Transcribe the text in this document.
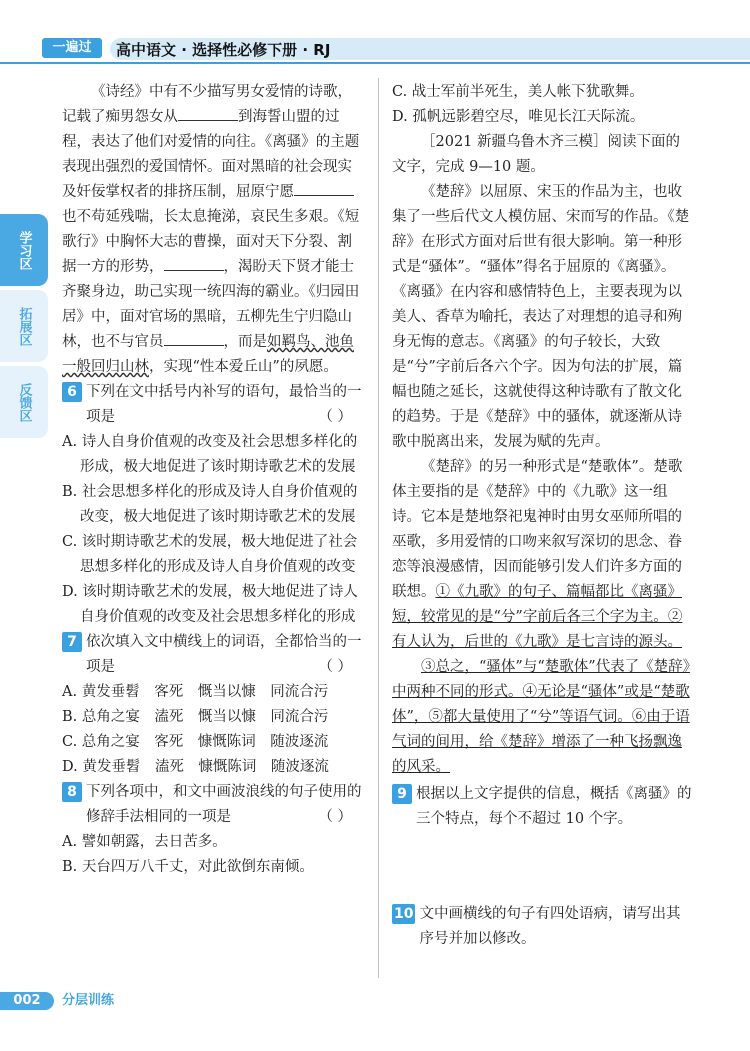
一遍过	高中语文 · 选择性必修下册 · RJ
学习区
拓展区
反馈区

《诗经》中有不少描写男女爱情的诗歌，记载了痴男怨女从	到海誓山盟的过程，表达了他们对爱情的向往。《离骚》的主题表现出强烈的爱国情怀。面对黑暗的社会现实及奸佞掌权者的排挤压制，屈原宁愿也不苟延残喘，长太息掩涕，哀民生多艰。《短歌行》中胸怀大志的曹操，面对天下分裂、割据一方的形势，	，渴盼天下贤才能士齐聚身边，助己实现一统四海的霸业。《归园田居》中，面对官场的黑暗，五柳先生宁归隐山林，也不与官员	，而是如羁鸟、池鱼一般回归山林，实现“性本爱丘山”的夙愿。

6 下列在文中括号内补写的语句，最恰当的一项是	（ ）
A. 诗人自身价值观的改变及社会思想多样化的形成，极大地促进了该时期诗歌艺术的发展
B. 社会思想多样化的形成及诗人自身价值观的改变，极大地促进了该时期诗歌艺术的发展
C. 该时期诗歌艺术的发展，极大地促进了社会思想多样化的形成及诗人自身价值观的改变
D. 该时期诗歌艺术的发展，极大地促进了诗人自身价值观的改变及社会思想多样化的形成
7 依次填入文中横线上的词语，全都恰当的一项是	（ ）
A. 黄发垂髫　客死　慨当以慷　同流合污
B. 总角之宴　溘死　慨当以慷　同流合污
C. 总角之宴　客死　慷慨陈词　随波逐流
D. 黄发垂髫　溘死　慷慨陈词　随波逐流
8 下列各项中，和文中画波浪线的句子使用的修辞手法相同的一项是	（ ）
A. 譬如朝露，去日苦多。
B. 天台四万八千丈，对此欲倒东南倾。
C. 战士军前半死生，美人帐下犹歌舞。
D. 孤帆远影碧空尽，唯见长江天际流。

［2021 新疆乌鲁木齐三模］阅读下面的文字，完成 9—10 题。

《楚辞》以屈原、宋玉的作品为主，也收集了一些后代文人模仿屈、宋而写的作品。《楚辞》在形式方面对后世有很大影响。第一种形式是“骚体”。“骚体”得名于屈原的《离骚》。《离骚》在内容和感情特色上，主要表现为以美人、香草为喻托，表达了对理想的追寻和殉身无悔的意志。《离骚》的句子较长，大致是“兮”字前后各六个字。因为句法的扩展，篇幅也随之延长，这就使得这种诗歌有了散文化的趋势。于是《楚辞》中的骚体，就逐渐从诗歌中脱离出来，发展为赋的先声。

《楚辞》的另一种形式是“楚歌体”。楚歌体主要指的是《楚辞》中的《九歌》这一组诗。它本是楚地祭祀鬼神时由男女巫师所唱的巫歌，多用爱情的口吻来叙写深切的思念、眷恋等浪漫感情，因而能够引发人们许多方面的联想。①《九歌》的句子、篇幅都比《离骚》短，较常见的是“兮”字前后各三个字为主。②有人认为，后世的《九歌》是七言诗的源头。

③总之，“骚体”与“楚歌体”代表了《楚辞》中两种不同的形式。④无论是“骚体”或是“楚歌体”，⑤都大量使用了“兮”等语气词。⑥由于语气词的间用，给《楚辞》增添了一种飞扬飘逸的风采。

9 根据以上文字提供的信息，概括《离骚》的三个特点，每个不超过 10 个字。
10 文中画横线的句子有四处语病，请写出其序号并加以修改。
002	分层训练
